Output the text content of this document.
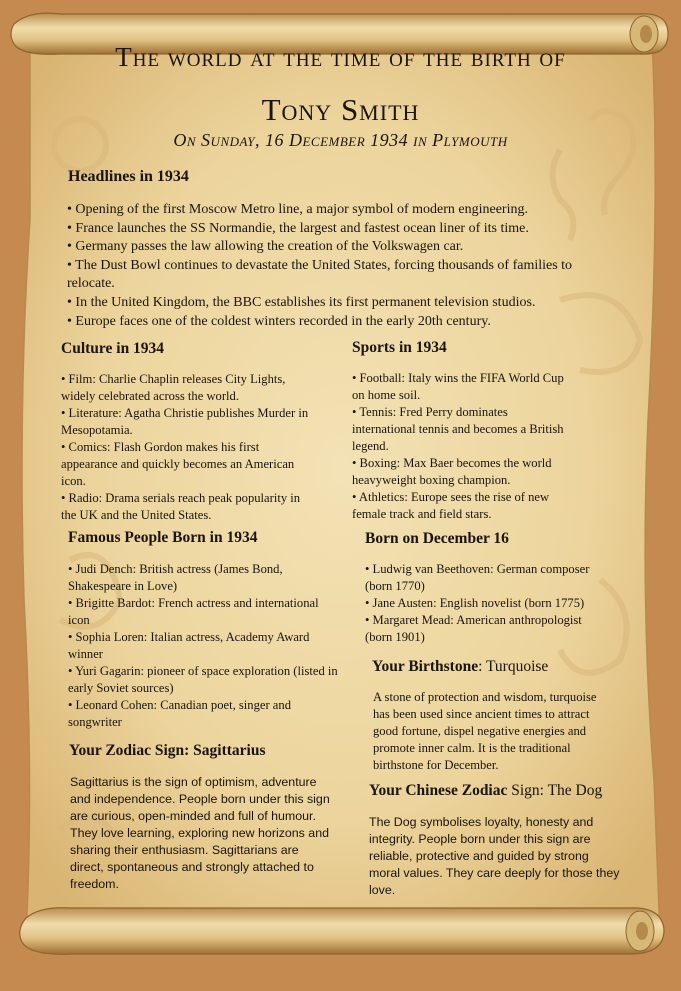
The world at the time of the birth of
Tony Smith
On Sunday, 16 December 1934 in Plymouth
Headlines in 1934
• Opening of the first Moscow Metro line, a major symbol of modern engineering.
• France launches the SS Normandie, the largest and fastest ocean liner of its time.
• Germany passes the law allowing the creation of the Volkswagen car.
• The Dust Bowl continues to devastate the United States, forcing thousands of families to
relocate.
• In the United Kingdom, the BBC establishes its first permanent television studios.
• Europe faces one of the coldest winters recorded in the early 20th century.
Culture in 1934
• Film: Charlie Chaplin releases City Lights,
widely celebrated across the world.
• Literature: Agatha Christie publishes Murder in
Mesopotamia.
• Comics: Flash Gordon makes his first
appearance and quickly becomes an American
icon.
• Radio: Drama serials reach peak popularity in
the UK and the United States.
Sports in 1934
• Football: Italy wins the FIFA World Cup
on home soil.
• Tennis: Fred Perry dominates
international tennis and becomes a British
legend.
• Boxing: Max Baer becomes the world
heavyweight boxing champion.
• Athletics: Europe sees the rise of new
female track and field stars.
Famous People Born in 1934
• Judi Dench: British actress (James Bond,
Shakespeare in Love)
• Brigitte Bardot: French actress and international
icon
• Sophia Loren: Italian actress, Academy Award
winner
• Yuri Gagarin: pioneer of space exploration (listed in
early Soviet sources)
• Leonard Cohen: Canadian poet, singer and
songwriter
Born on December 16
• Ludwig van Beethoven: German composer
(born 1770)
• Jane Austen: English novelist (born 1775)
• Margaret Mead: American anthropologist
(born 1901)
Your Birthstone: Turquoise
A stone of protection and wisdom, turquoise
has been used since ancient times to attract
good fortune, dispel negative energies and
promote inner calm. It is the traditional
birthstone for December.
Your Zodiac Sign: Sagittarius
Sagittarius is the sign of optimism, adventure
and independence. People born under this sign
are curious, open-minded and full of humour.
They love learning, exploring new horizons and
sharing their enthusiasm. Sagittarians are
direct, spontaneous and strongly attached to
freedom.
Your Chinese Zodiac Sign: The Dog
The Dog symbolises loyalty, honesty and
integrity. People born under this sign are
reliable, protective and guided by strong
moral values. They care deeply for those they
love.
